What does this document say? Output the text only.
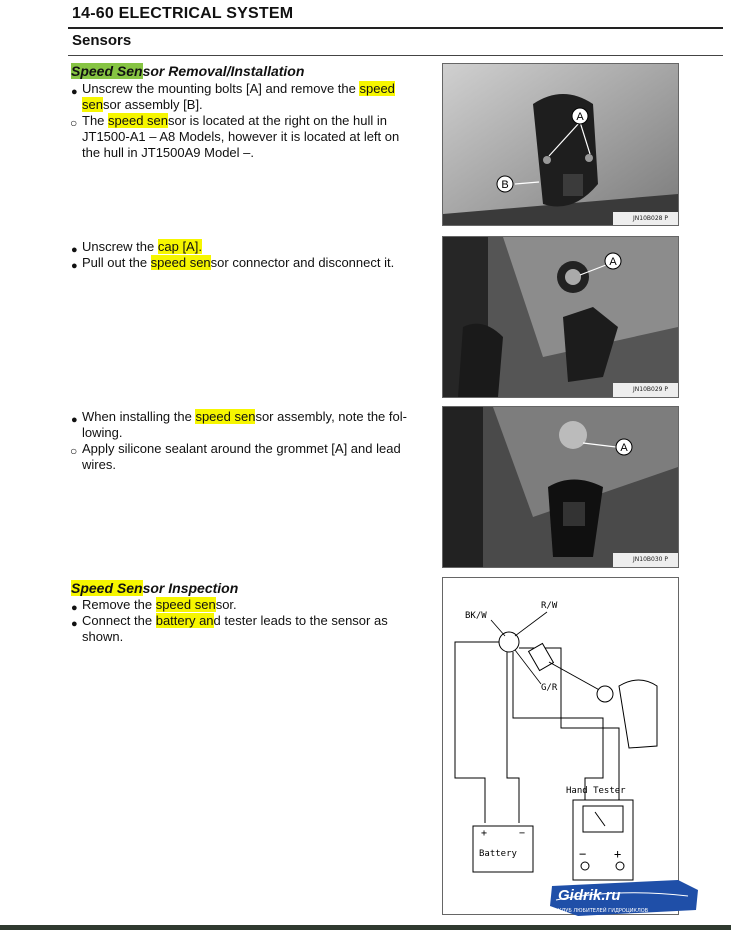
14-60 ELECTRICAL SYSTEM
Sensors
Speed Sensor Removal/Installation
● Unscrew the mounting bolts [A] and remove the speed
sensor assembly [B].
○ The speed sensor is located at the right on the hull in
JT1500-A1 – A8 Models, however it is located at left on
the hull in JT1500A9 Model –.
A
B
JN10B028 P
● Unscrew the cap [A].
● Pull out the speed sensor connector and disconnect it.	A
JN10B029 P
● When installing the speed sensor assembly, note the fol-
lowing.
○ Apply silicone sealant around the grommet [A] and lead
wires.
A
JN10B030 P
Speed Sensor Inspection
● Remove the speed sensor.
● Connect the battery and tester leads to the sensor as
shown.
BK/W
R/W
G/R
+	−
Battery
Hand Tester
− +
Gidrik.ru
КЛУБ ЛЮБИТЕЛЕЙ ГИДРОЦИКЛОВ
